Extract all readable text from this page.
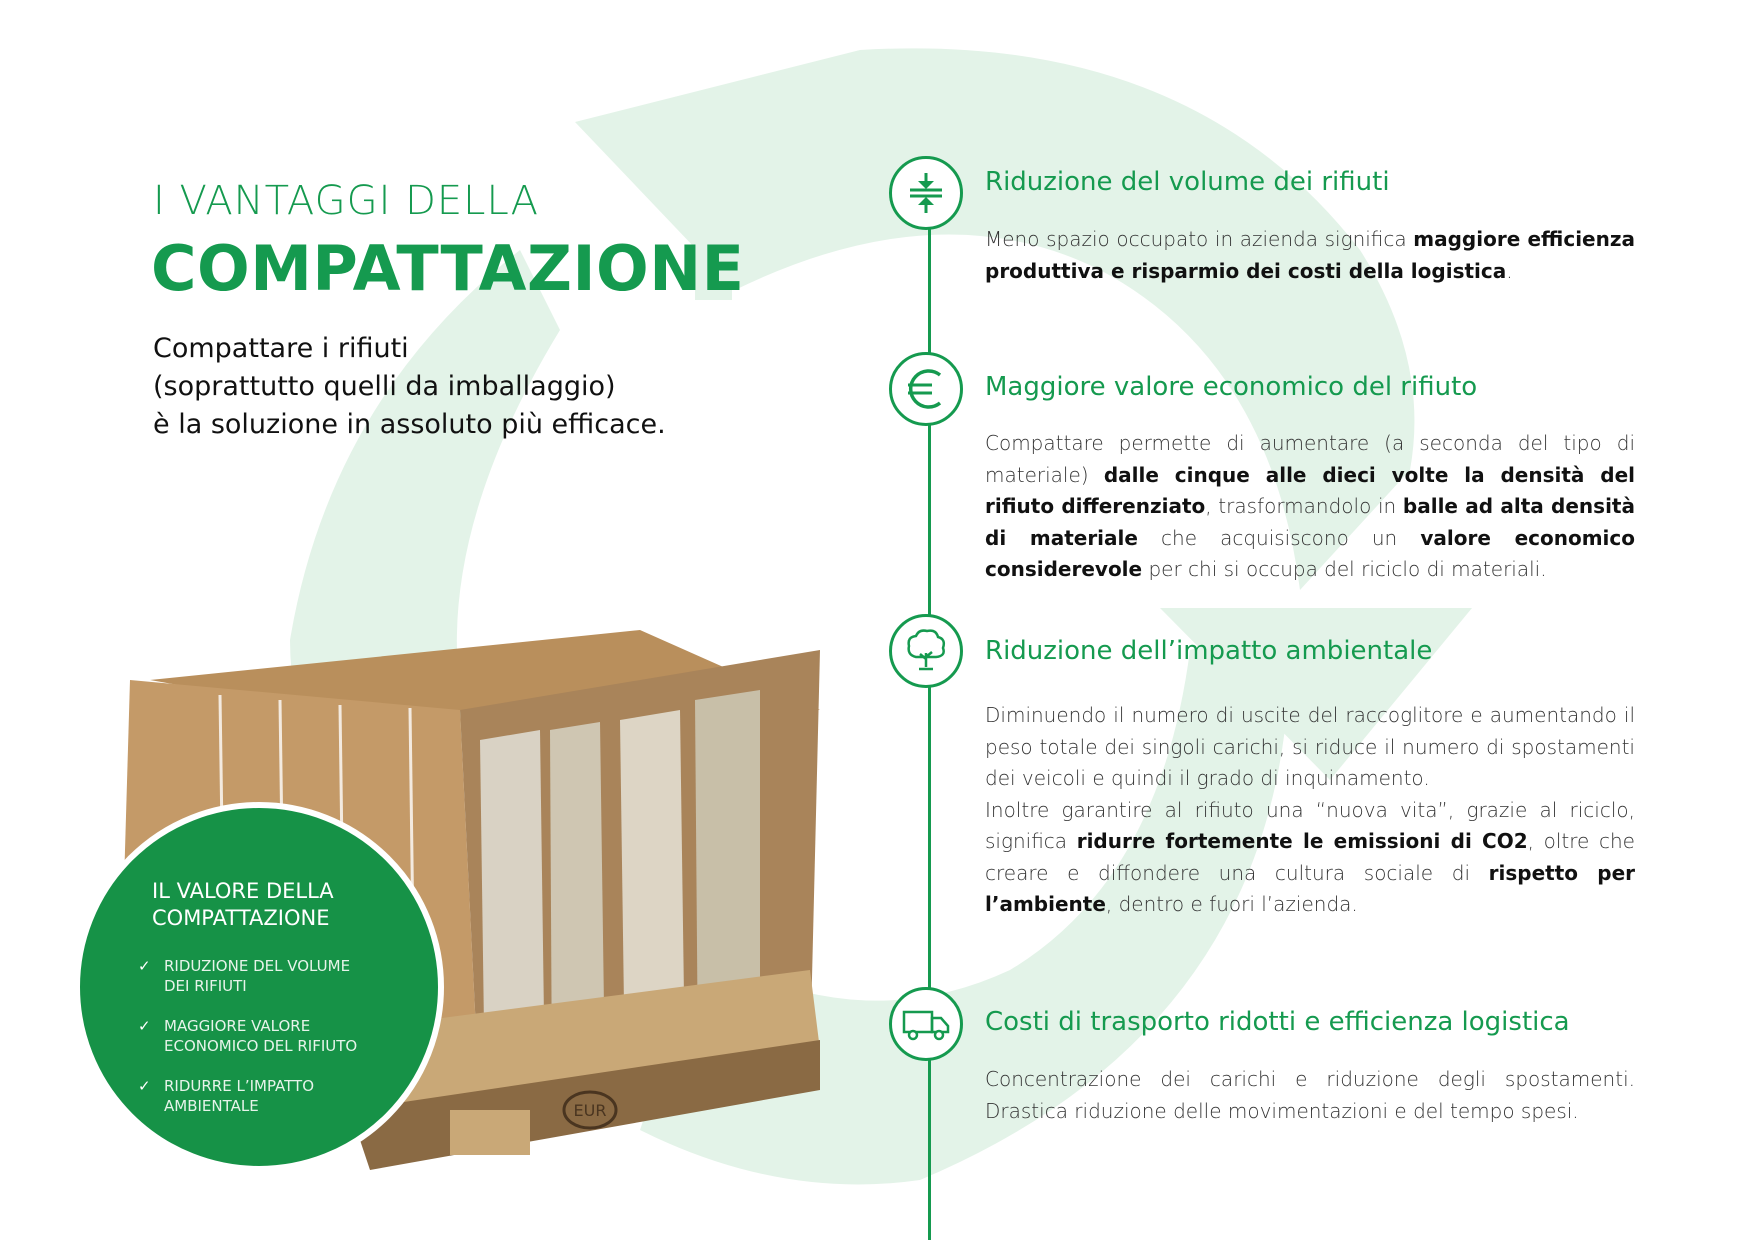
I VANTAGGI DELLA
COMPATTAZIONE

Compattare i rifiuti
(soprattutto quelli da imballaggio)
è la soluzione in assoluto più efficace.

EUR

IL VALORE DELLA
COMPATTAZIONE

✓ RIDUZIONE DEL VOLUME
DEI RIFIUTI
✓ MAGGIORE VALORE
ECONOMICO DEL RIFIUTO
✓ RIDURRE L’IMPATTO
AMBIENTALE
Riduzione del volume dei rifiuti

Meno spazio occupato in azienda significa maggiore efficienza produttiva e risparmio dei costi della logistica.

Maggiore valore economico del rifiuto

Compattare permette di aumentare (a seconda del tipo di materiale) dalle cinque alle dieci volte la densità del rifiuto differenziato, trasformandolo in balle ad alta densità di materiale che acquisiscono un valore economico considerevole per chi si occupa del riciclo di materiali.

Riduzione dell’impatto ambientale

Diminuendo il numero di uscite del raccoglitore e aumentando il peso totale dei singoli carichi, si riduce il numero di spostamenti dei veicoli e quindi il grado di inquinamento.
Inoltre garantire al rifiuto una “nuova vita”, grazie al riciclo, significa ridurre fortemente le emissioni di CO2, oltre che creare e diffondere una cultura sociale di rispetto per l’ambiente, dentro e fuori l’azienda.

Costi di trasporto ridotti e efficienza logistica

Concentrazione dei carichi e riduzione degli spostamenti. Drastica riduzione delle movimentazioni e del tempo spesi.
